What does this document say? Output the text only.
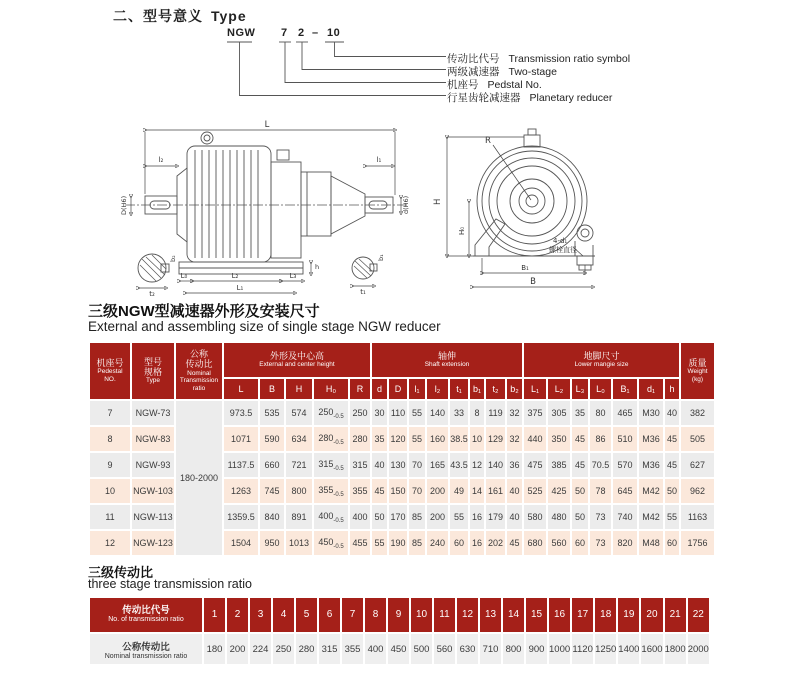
二、型号意义 Type
NGW 7 2 – 10
传动比代号 Transmission ratio symbol
两级减速器 Two-stage
机座号 Pedstal No.
行星齿轮减速器 Planetary reducer
L
l₂	l₁
D(H6)	d(H6)
h
L₀	L₂	L₃
L₁
b₂
t₂
b₁
t₁
R
H
H₀
4-d₁
螺栓直径
B₁
B
三级NGW型减速器外形及安装尺寸
External and assembling size of single stage NGW reducer
机座号
Pedestal
NO.

型号
规格
Type

公称
传动比
Nominal
Transmission
ratio

外形及中心高
External and center height

轴伸
Shaft extension

地脚尺寸
Lower mangie size	质量
Weight
(kg)

			L	B	H	H₀	R	d	D	l₁	l₂	t₁	b₁	t₂	b₂	L₁	L₂	L₃	L₀	B₁	d₁	h	
7	NGW-73	180-2000	973.5	535	574	$250_{-0.5}$	250	30	110	55	140	33	8	119	32	375	305	35	80	465	M30	40	382
8	NGW-83		1071	590	634	$280_{-0.5}$	280	35	120	55	160	38.5	10	129	32	440	350	45	86	510	M36	45	505
9	NGW-93		1137.5	660	721	$315_{-0.5}$	315	40	130	70	165	43.5	12	140	36	475	385	45	70.5	570	M36	45	627
10	NGW-103		1263	745	800	$355_{-0.5}$	355	45	150	70	200	49	14	161	40	525	425	50	78	645	M42	50	962
11	NGW-113		1359.5	840	891	$400_{-0.5}$	400	50	170	85	200	55	16	179	40	580	480	50	73	740	M42	55	1163
12	NGW-123		1504	950	1013	$450_{-0.5}$	455	55	190	85	240	60	16	202	45	680	560	60	73	820	M48	60	1756
三级传动比
three stage transmission ratio
传动比代号
No. of transmission ratio	1	2	3	4	5	6	7	8	9	10	11	12	13	14	15	16	17	18	19	20	21	22

公称传动比
Nominal transmission ratio	180	200	224	250	280	315	355	400	450	500	560	630	710	800	900	1000	1120	1250	1400	1600	1800	2000
